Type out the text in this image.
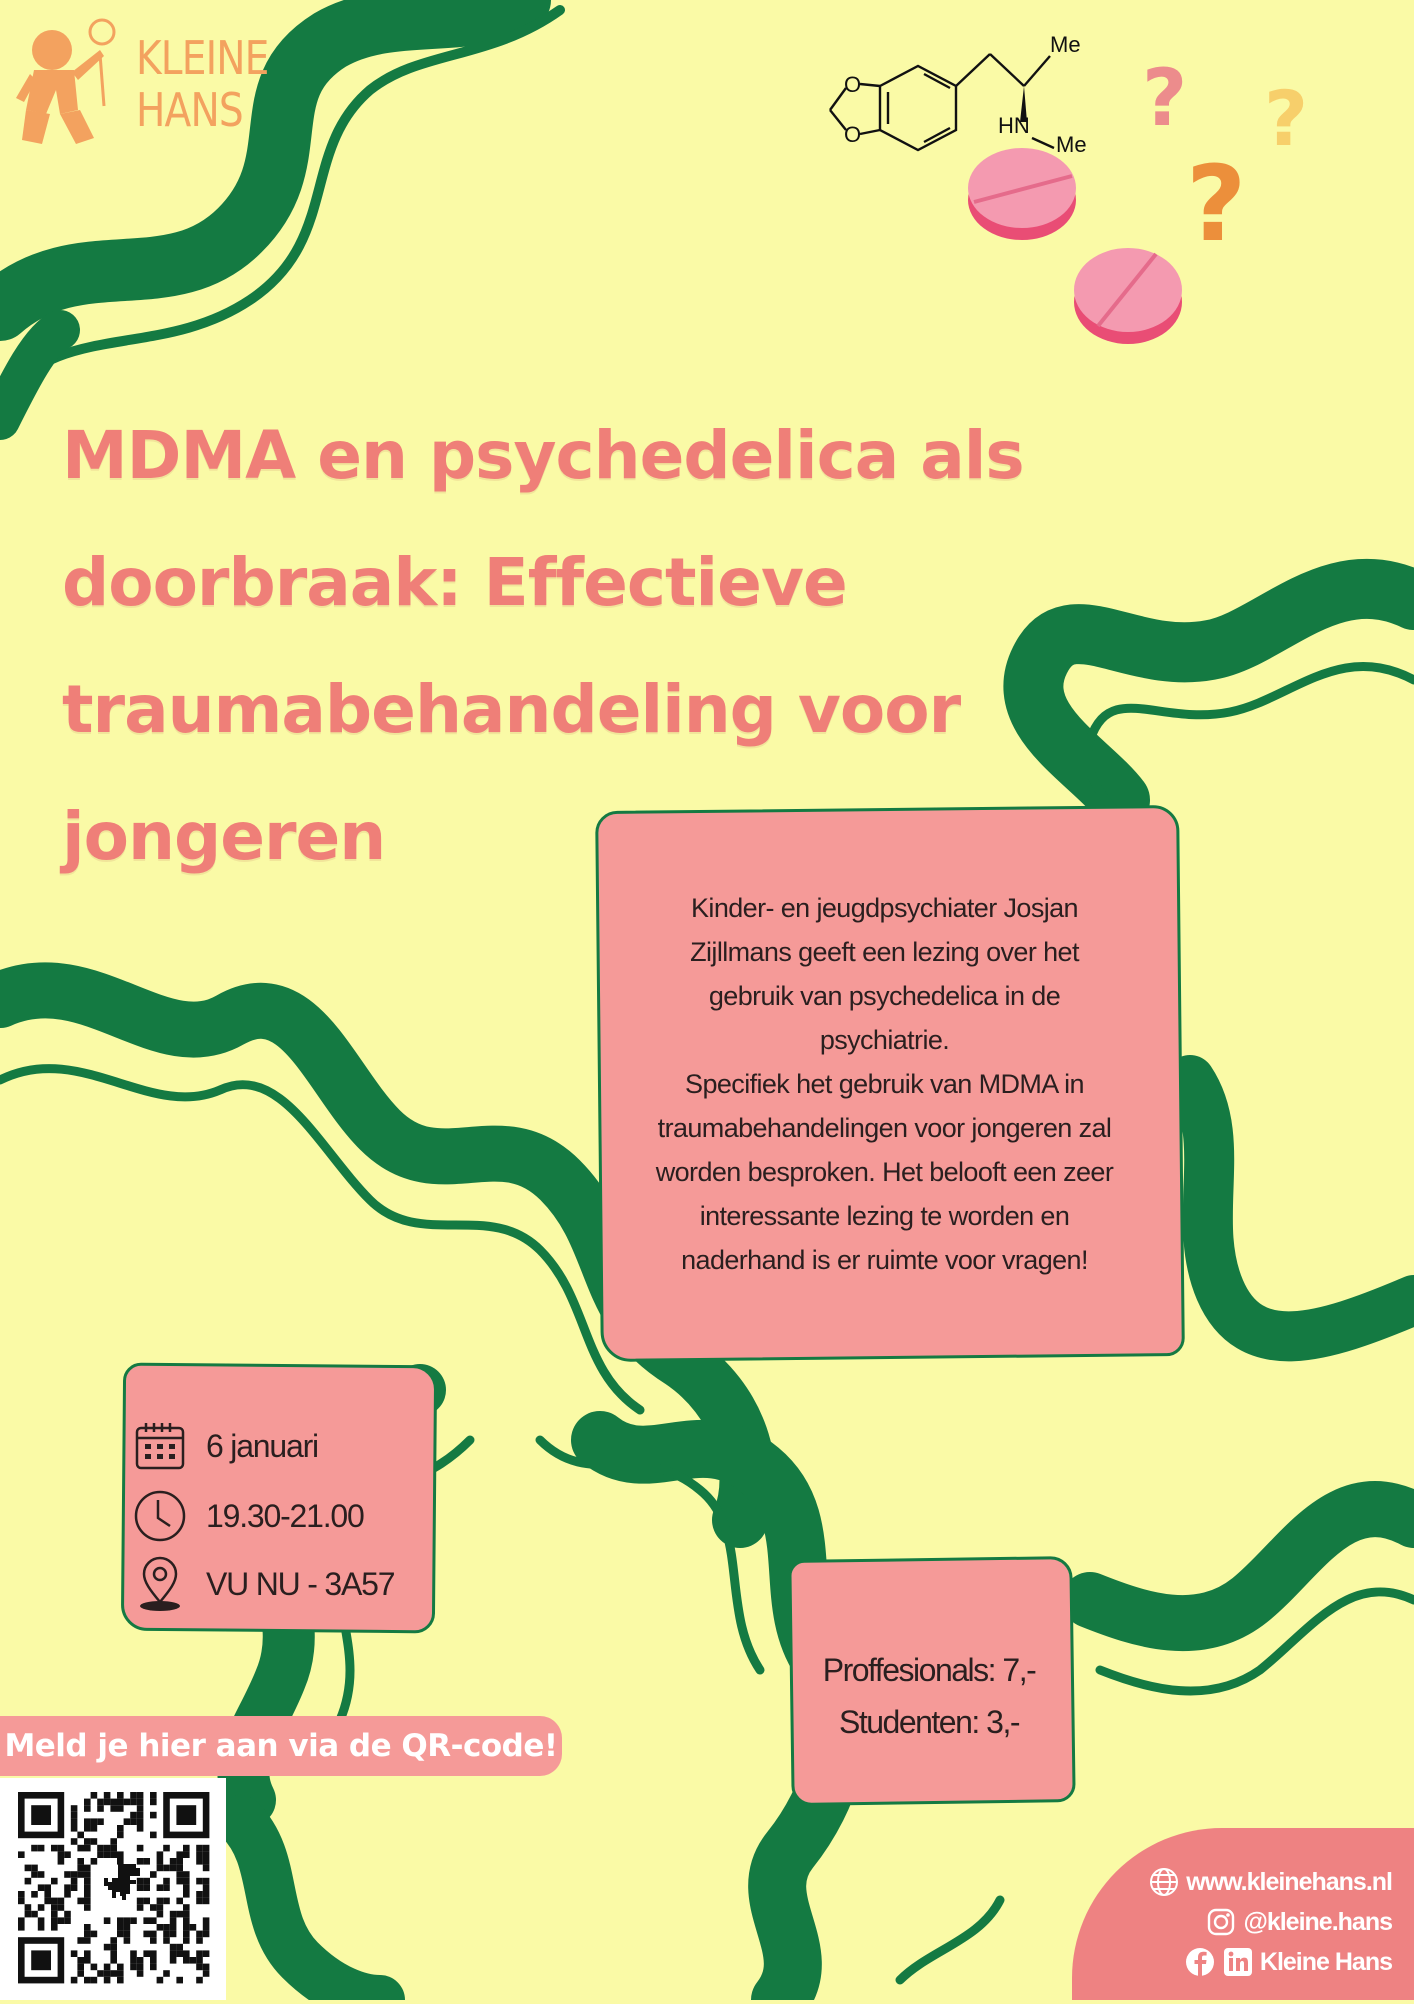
KLEINE
HANS	O
O
Me
HN
Me
?
?
?
MDMA en psychedelica als
doorbraak: Effectieve
traumabehandeling voor
jongeren
Kinder- en jeugdpsychiater Josjan
Zijllmans geeft een lezing over het
gebruik van psychedelica in de
psychiatrie.
Specifiek het gebruik van MDMA in
traumabehandelingen voor jongeren zal
worden besproken. Het belooft een zeer
interessante lezing te worden en
naderhand is er ruimte voor vragen!
6 januari
19.30-21.00
VU NU - 3A57
Proffesionals: 7,-
Studenten: 3,-
Meld je hier aan via de QR-code!
www.kleinehans.nl
@kleine.hans
Kleine Hans
